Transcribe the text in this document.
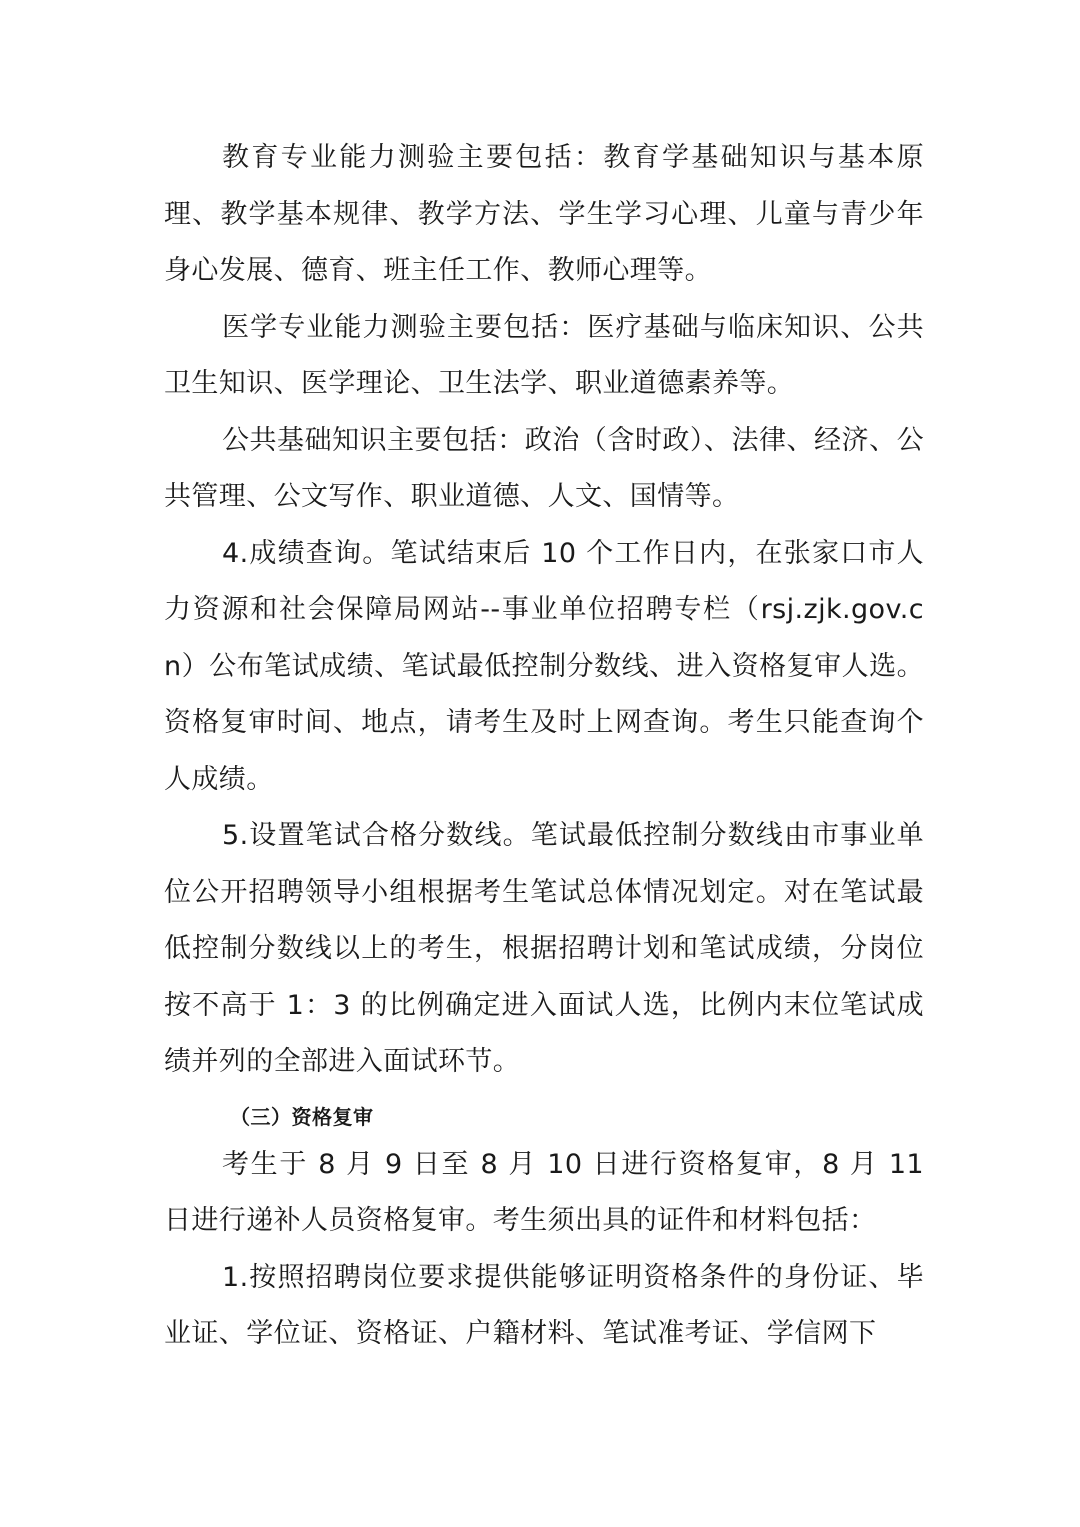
教育专业能力测验主要包括：教育学基础知识与基本原理、教学基本规律、教学方法、学生学习心理、儿童与青少年身心发展、德育、班主任工作、教师心理等。

医学专业能力测验主要包括：医疗基础与临床知识、公共卫生知识、医学理论、卫生法学、职业道德素养等。

公共基础知识主要包括：政治（含时政）、法律、经济、公共管理、公文写作、职业道德、人文、国情等。

4.成绩查询。笔试结束后 10 个工作日内，在张家口市人力资源和社会保障局网站--事业单位招聘专栏（rsj.zjk.gov.cn）公布笔试成绩、笔试最低控制分数线、进入资格复审人选。资格复审时间、地点，请考生及时上网查询。考生只能查询个人成绩。

5.设置笔试合格分数线。笔试最低控制分数线由市事业单位公开招聘领导小组根据考生笔试总体情况划定。对在笔试最低控制分数线以上的考生，根据招聘计划和笔试成绩，分岗位按不高于 1：3 的比例确定进入面试人选，比例内末位笔试成绩并列的全部进入面试环节。

（三）资格复审

考生于 8 月 9 日至 8 月 10 日进行资格复审，8 月 11 日进行递补人员资格复审。考生须出具的证件和材料包括：

1.按照招聘岗位要求提供能够证明资格条件的身份证、毕业证、学位证、资格证、户籍材料、笔试准考证、学信网下
